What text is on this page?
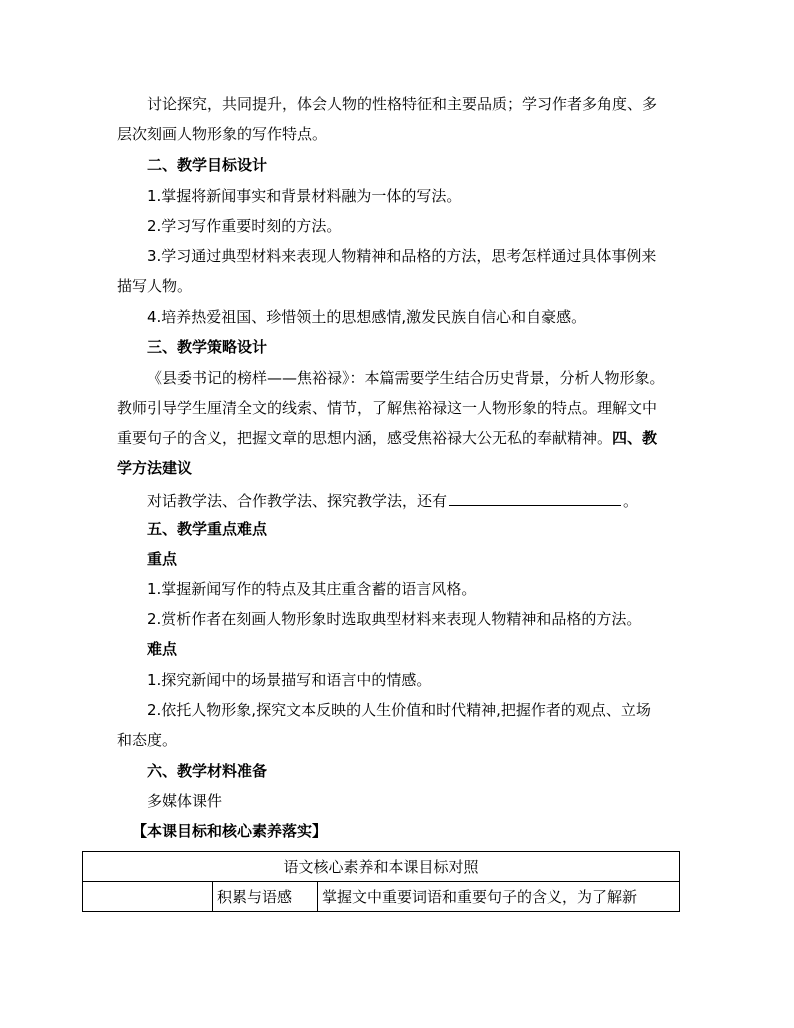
讨论探究，共同提升，体会人物的性格特征和主要品质；学习作者多角度、多
层次刻画人物形象的写作特点。
二、教学目标设计
1.掌握将新闻事实和背景材料融为一体的写法。
2.学习写作重要时刻的方法。
3.学习通过典型材料来表现人物精神和品格的方法，思考怎样通过具体事例来
描写人物。
4.培养热爱祖国、珍惜领土的思想感情,激发民族自信心和自豪感。
三、教学策略设计
《县委书记的榜样——焦裕禄》：本篇需要学生结合历史背景，分析人物形象。
教师引导学生厘清全文的线索、情节，了解焦裕禄这一人物形象的特点。理解文中
重要句子的含义，把握文章的思想内涵，感受焦裕禄大公无私的奉献精神。四、教
学方法建议
对话教学法、合作教学法、探究教学法，还有	。
五、教学重点难点
重点
1.掌握新闻写作的特点及其庄重含蓄的语言风格。
2.赏析作者在刻画人物形象时选取典型材料来表现人物精神和品格的方法。
难点
1.探究新闻中的场景描写和语言中的情感。
2.依托人物形象,探究文本反映的人生价值和时代精神,把握作者的观点、立场
和态度。
六、教学材料准备
多媒体课件
【本课目标和核心素养落实】
语文核心素养和本课目标对照
	积累与语感	掌握文中重要词语和重要句子的含义，为了解新
